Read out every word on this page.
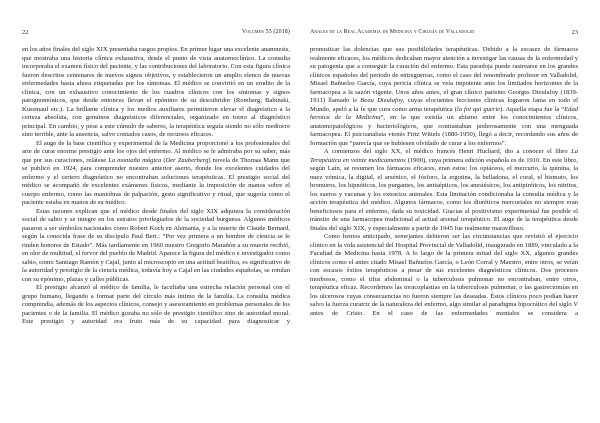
22	Volumen 55 (2018)

en los años finales del siglo XIX presentaba rasgos propios. En primer lugar una excelente anamnesis, que mostraba una historia clínica exhaustiva, desde el punto de vista anatomoclínico. La consulta incorporaba el examen físico del paciente, y las contribuciones del laboratorio. Con esta figura clínica fueron descritos centenares de nuevos signos objetivos, y establecieron un amplio elenco de nuevas enfermedades hasta ahora etiquetadas por los síntomas. El médico se convirtió en un erudito de la clínica, con un exhaustivo conocimiento de los cuadros clínicos con los síntomas y signos patognomónicos, que desde entonces llevan el epónimo de su descubridor (Romberg, Babinski, Kussmaul etc.). La brillante clínica y los medios auxiliares permitieron elevar el diagnóstico a la certeza absoluta, con genuinos diagnósticos diferenciales, organizado en torno al diagnóstico principal. En cambio, y pese a este cúmulo de saberes, la terapéutica seguía siendo no sólo mediocre sino terrible, ante la ausencia, salvo contados casos, de recursos eficaces.

El auge de la base científica y experimental de la Medicina proporcionó a los profesionales del arte de curar enorme prestigio ante los ojos del enfermo. Al médico se le admiraba por su saber, más que por sus curaciones, relátese La montaña mágica (Der Zauberberg) novela de Thomas Mann que se publicó en 1924, para comprender nuestro anterior aserto, donde los excelentes cuidados del enfermo y el certero diagnóstico no encontraban soluciones terapéuticas. El prestigio social del médico se acompañó de excelentes exámenes físicos, mediante la imposición de manos sobre el cuerpo enfermo, como las maniobras de palpación, gesto significativo y ritual, que sugería como el paciente estaba en manos de su médico.

Estas razones explican que el médico desde finales del siglo XIX adquiera la consideración social de sabio y se integre en los estratos privilegiados de la sociedad burguesa. Algunos médicos pasaron a ser símbolos nacionales como Robert Koch en Alemania, y a la muerte de Claude Bernard, según la conocida frase de su discípulo Paul Bert.: “Por vez primera a un hombre de ciencia se le rinden honores de Estado”. Más tardíamente en 1960 nuestro Gregorio Marañón a su muerte recibió, en olor de multitud, el fervor del pueblo de Madrid. Aparece la figura del médico e investigador como sabio, como Santiago Ramón y Cajal, junto al microscopio en una actitud beatífica, es significativo de la autoridad y prestigio de la ciencia médica, todavía hoy a Cajal en las ciudades españolas, se rotulan con su epónimo, plazas y calles públicas.

El prestigio alcanzó al médico de familia, le facultaba una estrecha relación personal con el grupo humano, llegando a formar parte del círculo más íntimo de la familia. La consulta médica comprendía, además de los aspectos clínicos, consejo y asesoramiento en problemas personales de los pacientes o de la familia. El médico gozaba no sólo de prestigio científico sino de autoridad moral. Este prestigio y autoridad era fruto más de su capacidad para diagnosticar y

Anales de la Real Academia de Medicina y Cirugía de Valladolid	23

pronosticar las dolencias que sus posibilidades terapéuticas. Debido a la escasez de fármacos realmente eficaces, los médicos dedicaban mayor atención a investigar las causas de la enfermedad y su patogenia que a conseguir la curación del enfermo. Esta paradoja puede rastrearse en los grandes clínicos españoles del periodo de entreguerras, como el caso del renombrado profesor en Valladolid, Misael Bañuelos García, cuya pericia clínica se veía impotente ante los limitados horizontes de la farmacopea a la sazón vigente. Unos años antes, el gran clínico parisino Georges Dieulafoy (1839-1911) llamado le Beau Dieulafoy, cuyas elocuentes lecciones clínicas lograron fama en todo el Mundo, apeló a la fe que cura como arma terapéutica (la foi qui guerie). Aquella etapa fue la “Edad heroica de la Medicina”, en la que existía un abismo entre los conocimientos clínicos, anatomopatológicos y bacteriológicos, que contrastaban poderosamente con una menguada farmacopea. El psicoanalista vienés Fritz Wittels (1880-1950), llegó a decir, recordando sus años de formación que “parecía que se hubiesen olvidado de curar a los enfermos”.

A comienzos del siglo XX, el médico francés Henri Huchard, dio a conocer el libro La Terapéutica en veinte medicamentos (1900), cuya primera edición española es de 1910. En este libro, según Laín, se resumen los fármacos eficaces, eran estos: los opiáceos, el mercurio, la quinina, la nuez vómica, la digital, el arsénico, el fósforo, la ergotina, la belladona, el coral, el bismuto, los bromuros, los hipnóticos, los purgantes, los antisépticos, los anestésicos, los antipiréticos, los nitritos, los sueros y vacunas y los extractos animales. Esta limitación condicionaba la consulta médica y la acción terapéutica del médico. Algunos fármacos, como los diuréticos mercuriales no siempre eran beneficiosos para el enfermo, dada su toxicidad. Gracias al positivismo experimental fue posible el tránsito de una farmacopea tradicional al actual arsenal terapéutico. El auge de la terapéutica desde finales del siglo XIX, y especialmente a partir de 1945 fue realmente maravilloso.

Como hemos anticipado, semejantes debieron ser las circunstancias que revistió el ejercicio clínico en la vida asistencial del Hospital Provincial de Valladolid, inaugurado en 1889, vinculado a la Facultad de Medicina hasta 1978. A lo largo de la primera mitad del siglo XX, algunos grandes clínicos como el antes citado Misael Bañuelos García, o León Corral y Maestro, entre otros, se veían con escasos éxitos terapéuticos a pesar de sus excelentes diagnósticos clínicos. Dos procesos morbosos, como el tifus abdominal o la tuberculosis pulmonar no encontraban, entre otros, terapéutica eficaz. Recordemos las toracoplastias en la tuberculosis pulmonar, o las gastrectomías en los ulcerosos cuyas consecuencias no fueron siempre las deseadas. Éstos clínicos poco podían hacer salvo la fuerza curatriz de la naturaleza del enfermo, algo similar al paradigma hipocrático del siglo V antes de Cristo. En el caso de las enfermedades mentales se considera a
